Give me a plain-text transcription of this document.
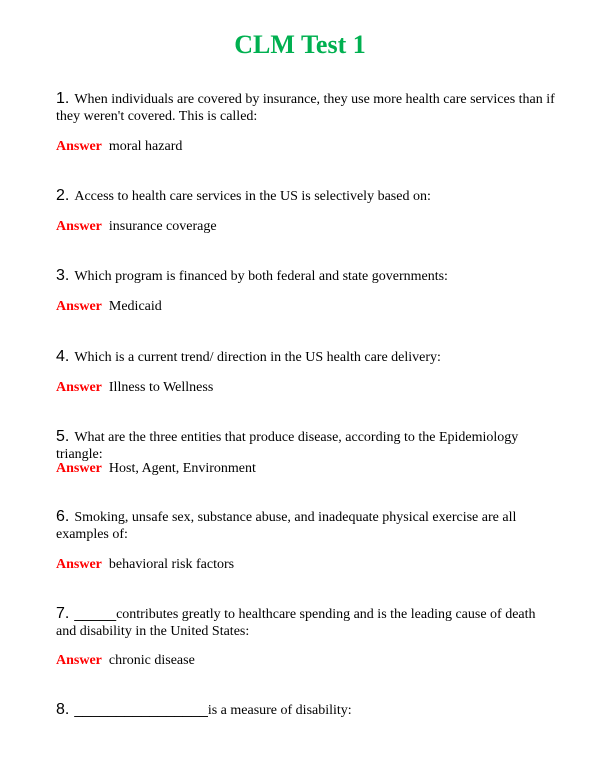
CLM Test 1
1. When individuals are covered by insurance, they use more health care services than if they weren't covered. This is called:
Answer moral hazard
2. Access to health care services in the US is selectively based on:
Answer insurance coverage
3. Which program is financed by both federal and state governments:
Answer Medicaid
4. Which is a current trend/ direction in the US health care delivery:
Answer Illness to Wellness
5. What are the three entities that produce disease, according to the Epidemiology triangle:
Answer Host, Agent, Environment
6. Smoking, unsafe sex, substance abuse, and inadequate physical exercise are all examples of:
Answer behavioral risk factors
7. _____contributes greatly to healthcare spending and is the leading cause of death and disability in the United States:
Answer chronic disease
8. ________________is a measure of disability:
